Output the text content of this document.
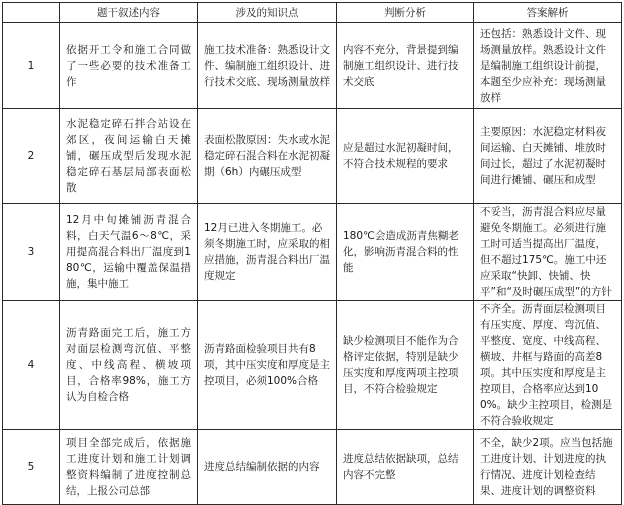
	题干叙述内容	涉及的知识点	判断分析	答案解析
1	依据开工令和施工合同做了一些必要的技术准备工作	施工技术准备：熟悉设计文件、编制施工组织设计、进行技术交底、现场测量放样	内容不充分，背景提到编制施工组织设计、进行技术交底	还包括：熟悉设计文件、现场测量放样。熟悉设计文件是编制施工组织设计前提，本题至少应补充：现场测量放样
2	水泥稳定碎石拌合站设在郊区，夜间运输白天摊铺，碾压成型后发现水泥稳定碎石基层局部表面松散	表面松散原因：失水或水泥稳定碎石混合料在水泥初凝期（6h）内碾压成型	应是超过水泥初凝时间，不符合技术规程的要求	主要原因：水泥稳定材料夜间运输、白天摊铺、堆放时间过长，超过了水泥初凝时间进行摊铺、碾压和成型
3	12月中旬摊铺沥青混合料，白天气温6～8℃，采用提高混合料出厂温度到180℃，运输中覆盖保温措施，集中施工	12月已进入冬期施工。必须冬期施工时，应采取的相应措施，沥青混合料出厂温度规定	180℃会造成沥青焦糊老化，影响沥青混合料的性能	不妥当，沥青混合料应尽量避免冬期施工。必须进行施工时可适当提高出厂温度，但不超过175℃。施工中还应采取“快卸、快铺、快平”和“及时碾压成型”的方针
4	沥青路面完工后，施工方对面层检测弯沉值、平整度、中线高程、横坡项目，合格率98%，施工方认为自检合格	沥青路面检验项目共有8项，其中压实度和厚度是主控项目，必须100%合格	缺少检测项目不能作为合格评定依据，特别是缺少压实度和厚度两项主控项目，不符合检验规定	不齐全。沥青面层检测项目有压实度、厚度、弯沉值、平整度、宽度、中线高程、横坡、井框与路面的高差8项。其中压实度和厚度是主控项目，合格率应达到100%。缺少主控项目，检测是不符合验收规定
5	项目全部完成后，依据施工进度计划和施工计划调整资料编制了进度控制总结，上报公司总部	进度总结编制依据的内容	进度总结依据缺项，总结内容不完整	不全，缺少2项。应当包括施工进度计划、计划进度的执行情况、进度计划检查结果、进度计划的调整资料
